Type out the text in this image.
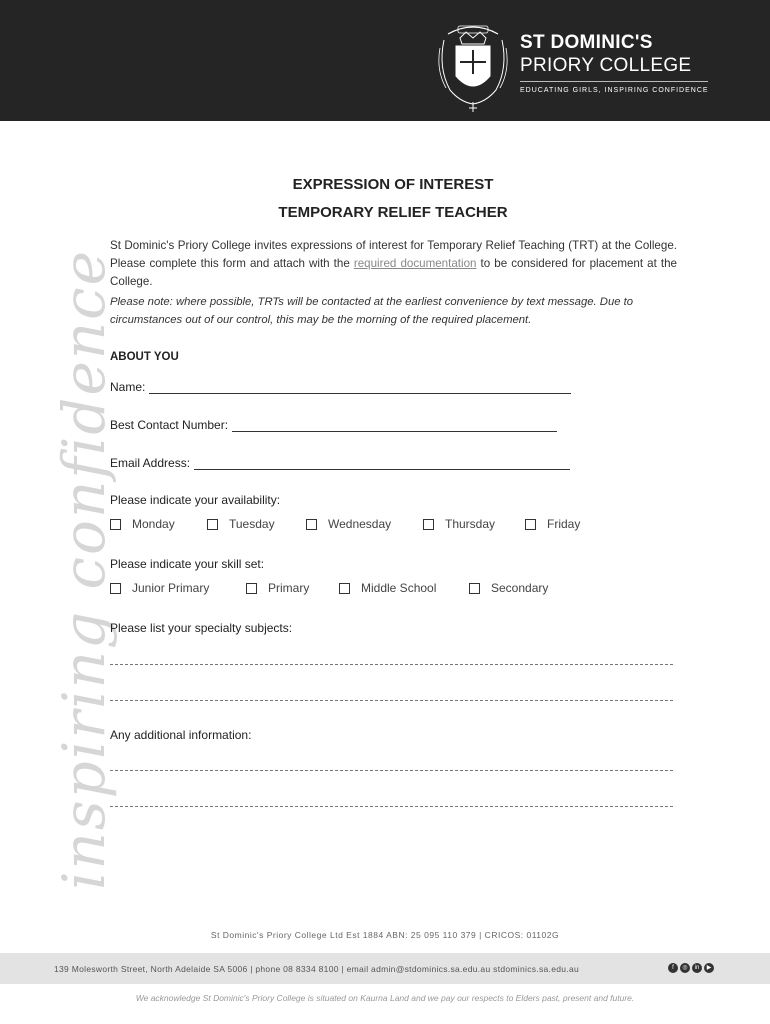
ST DOMINIC'S
PRIORY COLLEGE
EDUCATING GIRLS, INSPIRING CONFIDENCE
inspiring confidence
EXPRESSION OF INTEREST
TEMPORARY RELIEF TEACHER
St Dominic's Priory College invites expressions of interest for Temporary Relief Teaching (TRT) at the College. Please complete this form and attach with the required documentation to be considered for placement at the College.
Please note: where possible, TRTs will be contacted at the earliest convenience by text message. Due to circumstances out of our control, this may be the morning of the required placement.
ABOUT YOU
Name:
Best Contact Number:
Email Address:
Please indicate your availability:
Monday	Tuesday	Wednesday	Thursday	Friday
Please indicate your skill set:
Junior Primary	Primary	Middle School	Secondary
Please list your specialty subjects:
Any additional information:
St Dominic's Priory College Ltd Est 1884 ABN: 25 095 110 379 | CRICOS: 01102G
139 Molesworth Street, North Adelaide SA 5006 | phone 08 8334 8100 | email admin@stdominics.sa.edu.au stdominics.sa.edu.au	f	◎	in	▶
We acknowledge St Dominic's Priory College is situated on Kaurna Land and we pay our respects to Elders past, present and future.
